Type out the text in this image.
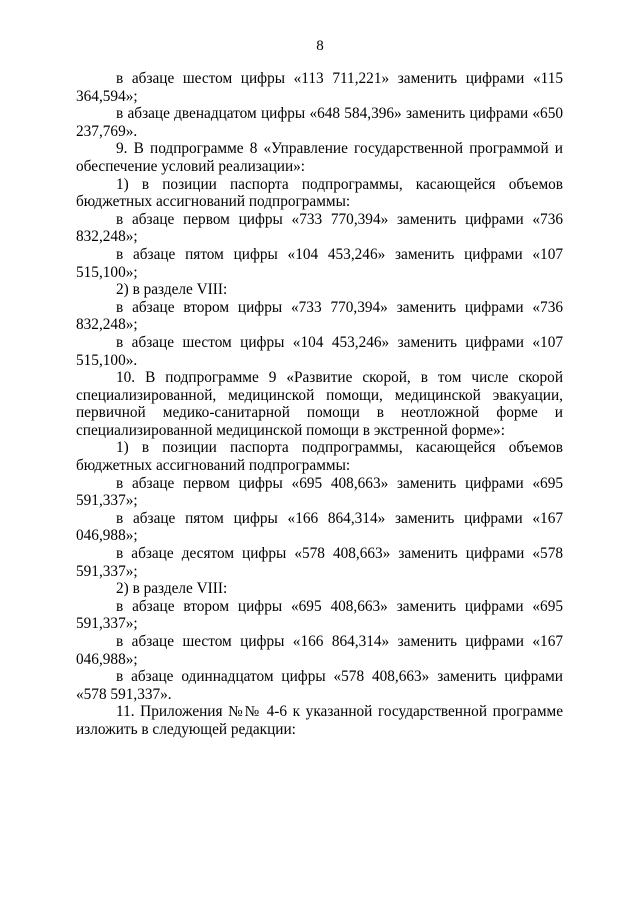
8

в абзаце шестом цифры «113 711,221» заменить цифрами «115 364,594»;

в абзаце двенадцатом цифры «648 584,396» заменить цифрами «650 237,769».

9. В подпрограмме 8 «Управление государственной программой и обеспечение условий реализации»:

1) в позиции паспорта подпрограммы, касающейся объемов бюджетных ассигнований подпрограммы:

в абзаце первом цифры «733 770,394» заменить цифрами «736 832,248»;

в абзаце пятом цифры «104 453,246» заменить цифрами «107 515,100»;

2) в разделе VIII:

в абзаце втором цифры «733 770,394» заменить цифрами «736 832,248»;

в абзаце шестом цифры «104 453,246» заменить цифрами «107 515,100».

10. В подпрограмме 9 «Развитие скорой, в том числе скорой специализированной, медицинской помощи, медицинской эвакуации, первичной медико-санитарной помощи в неотложной форме и специализированной медицинской помощи в экстренной форме»:

1) в позиции паспорта подпрограммы, касающейся объемов бюджетных ассигнований подпрограммы:

в абзаце первом цифры «695 408,663» заменить цифрами «695 591,337»;

в абзаце пятом цифры «166 864,314» заменить цифрами «167 046,988»;

в абзаце десятом цифры «578 408,663» заменить цифрами «578 591,337»;

2) в разделе VIII:

в абзаце втором цифры «695 408,663» заменить цифрами «695 591,337»;

в абзаце шестом цифры «166 864,314» заменить цифрами «167 046,988»;

в абзаце одиннадцатом цифры «578 408,663» заменить цифрами «578 591,337».

11. Приложения №№ 4-6 к указанной государственной программе изложить в следующей редакции:
